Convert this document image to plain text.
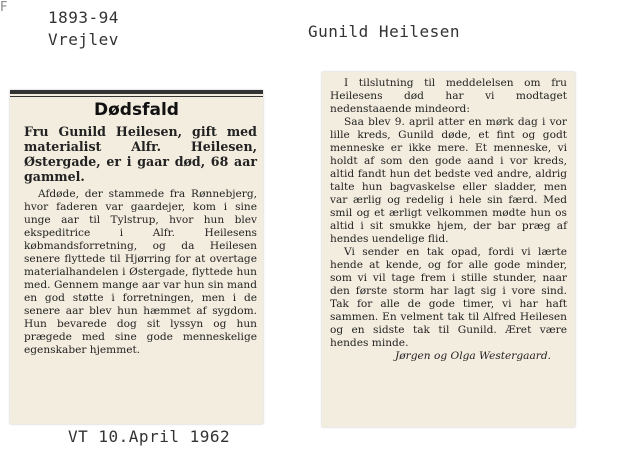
1893-94
Vrejlev	Gunild Heilesen
F
Dødsfald
Fru Gunild Heilesen, gift med materialist Alfr. Heilesen, Østergade, er i gaar død, 68 aar gammel.
Afdøde, der stammede fra Rønnebjerg, hvor faderen var gaardejer, kom i sine unge aar til Tylstrup, hvor hun blev ekspeditrice i Alfr. Heilesens købmandsforretning, og da Heilesen senere flyttede til Hjørring for at overtage materialhandelen i Østergade, flyttede hun med. Gennem mange aar var hun sin mand en god støtte i forretningen, men i de senere aar blev hun hæmmet af sygdom. Hun bevarede dog sit lyssyn og hun prægede med sine gode menneskelige egenskaber hjemmet.

I tilslutning til meddelelsen om fru Heilesens død har vi modtaget nedenstaaende mindeord:

Saa blev 9. april atter en mørk dag i vor lille kreds, Gunild døde, et fint og godt menneske er ikke mere. Et menneske, vi holdt af som den gode aand i vor kreds, altid fandt hun det bedste ved andre, aldrig talte hun bagvaskelse eller sladder, men var ærlig og redelig i hele sin færd. Med smil og et ærligt velkommen mødte hun os altid i sit smukke hjem, der bar præg af hendes uendelige flid.

Vi sender en tak opad, fordi vi lærte hende at kende, og for alle gode minder, som vi vil tage frem i stille stunder, naar den første storm har lagt sig i vore sind. Tak for alle de gode timer, vi har haft sammen. En velment tak til Alfred Heilesen og en sidste tak til Gunild. Æret være hendes minde.

Jørgen og Olga Westergaard.

VT 10.April 1962
